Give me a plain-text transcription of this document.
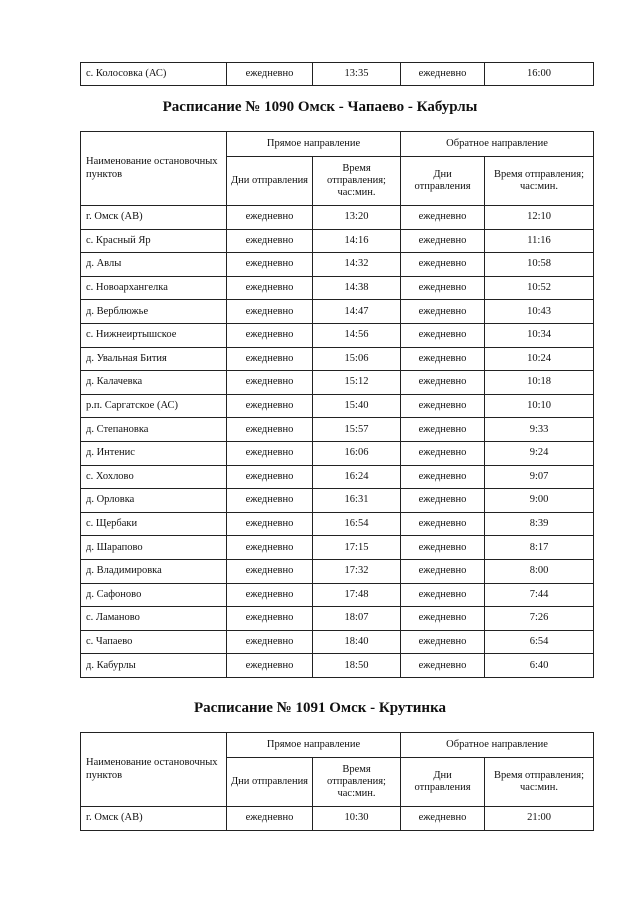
с. Колосовка (АС)	ежедневно	13:35	ежедневно	16:00
Расписание № 1090 Омск - Чапаево - Кабурлы
Наименование остановочных пунктов	Прямое направление		Обратное направление	
	Дни отправления	Время отправления; час:мин.	Дни отправления	Время отправления; час:мин.
г. Омск (АВ)	ежедневно	13:20	ежедневно	12:10
с. Красный Яр	ежедневно	14:16	ежедневно	11:16
д. Авлы	ежедневно	14:32	ежедневно	10:58
с. Новоархангелка	ежедневно	14:38	ежедневно	10:52
д. Верблюжье	ежедневно	14:47	ежедневно	10:43
с. Нижнеиртышское	ежедневно	14:56	ежедневно	10:34
д. Увальная Бития	ежедневно	15:06	ежедневно	10:24
д. Калачевка	ежедневно	15:12	ежедневно	10:18
р.п. Саргатское (АС)	ежедневно	15:40	ежедневно	10:10
д. Степановка	ежедневно	15:57	ежедневно	9:33
д. Интенис	ежедневно	16:06	ежедневно	9:24
с. Хохлово	ежедневно	16:24	ежедневно	9:07
д. Орловка	ежедневно	16:31	ежедневно	9:00
с. Щербаки	ежедневно	16:54	ежедневно	8:39
д. Шарапово	ежедневно	17:15	ежедневно	8:17
д. Владимировка	ежедневно	17:32	ежедневно	8:00
д. Сафоново	ежедневно	17:48	ежедневно	7:44
с. Ламаново	ежедневно	18:07	ежедневно	7:26
с. Чапаево	ежедневно	18:40	ежедневно	6:54
д. Кабурлы	ежедневно	18:50	ежедневно	6:40
Расписание № 1091 Омск - Крутинка
Наименование остановочных пунктов	Прямое направление		Обратное направление	
	Дни отправления	Время отправления; час:мин.	Дни отправления	Время отправления; час:мин.
г. Омск (АВ)	ежедневно	10:30	ежедневно	21:00
